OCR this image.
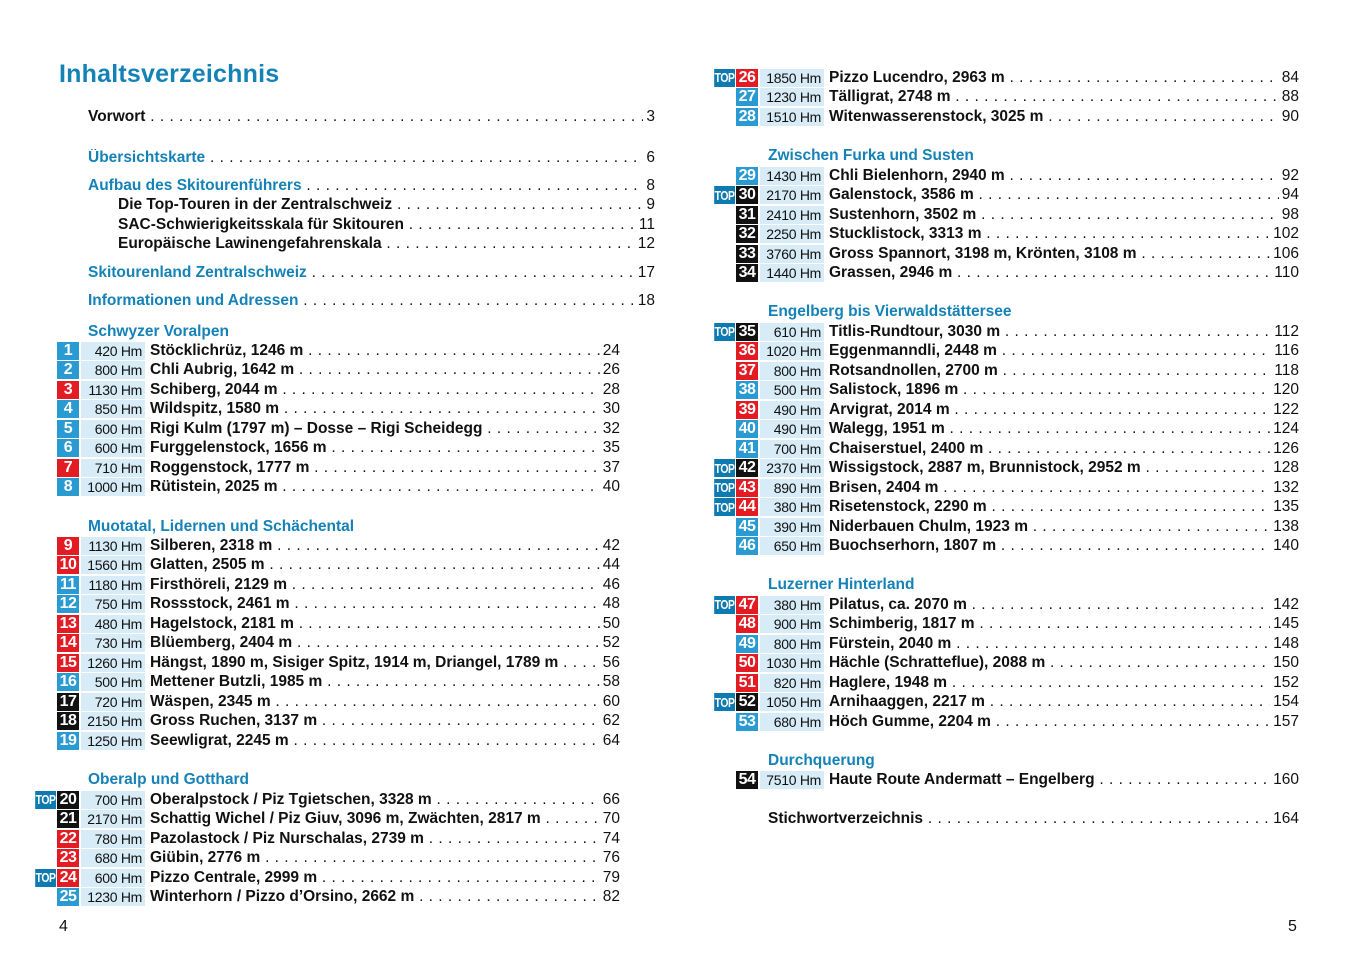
Inhaltsverzeichnis
Vorwort . . .	3
Übersichtskarte . . .	6
Aufbau des Skitourenführers . . .	8
Die Top-Touren in der Zentralschweiz . . .	9
SAC-Schwierigkeitsskala für Skitouren . . .	11
Europäische Lawinengefahrenskala . . .	12
Skitourenland Zentralschweiz . . .	17
Informationen und Adressen . . .	18
Schwyzer Voralpen
1	420 Hm Stöcklichrüz, 1246 m . . .	24
2	800 Hm Chli Aubrig, 1642 m . . .	26
3	1130 Hm Schiberg, 2044 m . . .	28
4	850 Hm Wildspitz, 1580 m . . .	30
5	600 Hm Rigi Kulm (1797 m) – Dosse – Rigi Scheidegg . . .	32
6	600 Hm Furggelenstock, 1656 m . . .	35
7	710 Hm Roggenstock, 1777 m . . .	37
8	1000 Hm Rütistein, 2025 m . . .	40
Muotatal, Lidernen und Schächental
9	1130 Hm Silberen, 2318 m . . .	42
10 1560 Hm Glatten, 2505 m . . .	44
11 1180 Hm Firsthöreli, 2129 m . . .	46
12	750 Hm Rossstock, 2461 m . . .	48
13	480 Hm Hagelstock, 2181 m . . .	50
14	730 Hm Blüemberg, 2404 m . . .	52
15 1260 Hm Hängst, 1890 m, Sisiger Spitz, 1914 m, Driangel, 1789 m . . .	56
16	500 Hm Mettener Butzli, 1985 m . . .	58
17	720 Hm Wäspen, 2345 m . . .	60
18 2150 Hm Gross Ruchen, 3137 m . . .	62
19 1250 Hm Seewligrat, 2245 m . . .	64
Oberalp und Gotthard
TOP 20	700 Hm Oberalpstock / Piz Tgietschen, 3328 m . . .	66
21 2170 Hm Schattig Wichel / Piz Giuv, 3096 m, Zwächten, 2817 m . . .	70
22	780 Hm Pazolastock / Piz Nurschalas, 2739 m . . .	74
23	680 Hm Giübin, 2776 m . . .	76
TOP 24	600 Hm Pizzo Centrale, 2999 m . . .	79
25 1230 Hm Winterhorn / Pizzo d’Orsino, 2662 m . . .	82

4

TOP 26 1850 Hm Pizzo Lucendro, 2963 m . . .	84
27 1230 Hm Tälligrat, 2748 m . . .	88
28 1510 Hm Witenwasserenstock, 3025 m . . .	90
Zwischen Furka und Susten
29 1430 Hm Chli Bielenhorn, 2940 m . . .	92
TOP 30 2170 Hm Galenstock, 3586 m . . .	94
31 2410 Hm Sustenhorn, 3502 m . . .	98
32 2250 Hm Stucklistock, 3313 m . . .	102
33 3760 Hm Gross Spannort, 3198 m, Krönten, 3108 m . . .	106
34 1440 Hm Grassen, 2946 m . . .	110
Engelberg bis Vierwaldstättersee
TOP 35	610 Hm Titlis-Rundtour, 3030 m . . .	112
36 1020 Hm Eggenmanndli, 2448 m . . .	116
37	800 Hm Rotsandnollen, 2700 m . . .	118
38	500 Hm Salistock, 1896 m . . .	120
39	490 Hm Arvigrat, 2014 m . . .	122
40	490 Hm Walegg, 1951 m . . .	124
41	700 Hm Chaiserstuel, 2400 m . . .	126
TOP 42 2370 Hm Wissigstock, 2887 m, Brunnistock, 2952 m . . .	128
TOP 43	890 Hm Brisen, 2404 m . . .	132
TOP 44	380 Hm Risetenstock, 2290 m . . .	135
45	390 Hm Niderbauen Chulm, 1923 m . . .	138
46	650 Hm Buochserhorn, 1807 m . . .	140
Luzerner Hinterland
TOP 47	380 Hm Pilatus, ca. 2070 m . . .	142
48	900 Hm Schimberig, 1817 m . . .	145
49	800 Hm Fürstein, 2040 m . . .	148
50 1030 Hm Hächle (Schratteflue), 2088 m . . .	150
51	820 Hm Haglere, 1948 m . . .	152
TOP 52 1050 Hm Arnihaaggen, 2217 m . . .	154
53	680 Hm Höch Gumme, 2204 m . . .	157
Durchquerung
54 7510 Hm Haute Route Andermatt – Engelberg . . .	160
Stichwortverzeichnis . . .	164

5
